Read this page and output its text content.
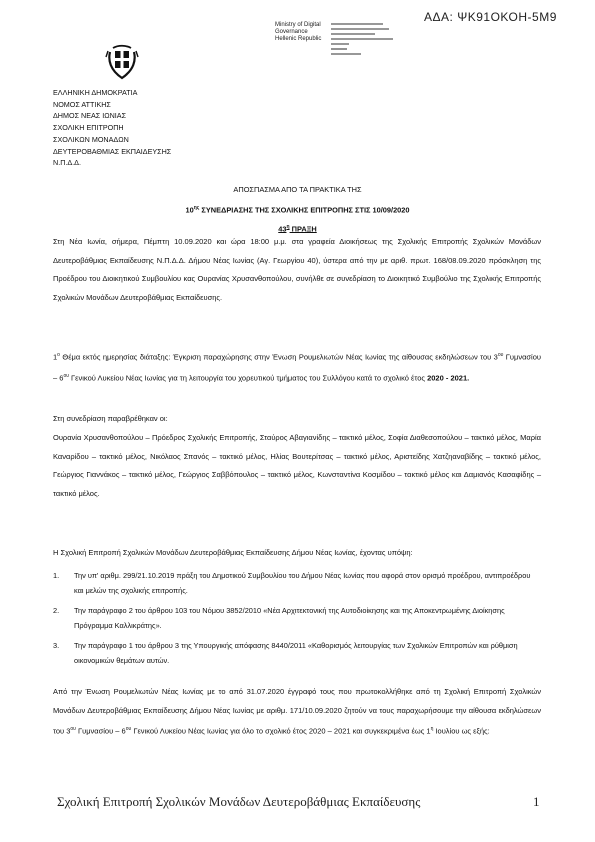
ΑΔΑ: ΨΚ91ΟΚΟΗ-5Μ9
Ministry of Digital
Governance
Hellenic Republic
ΕΛΛΗΝΙΚΗ ΔΗΜΟΚΡΑΤΙΑ
ΝΟΜΟΣ ΑΤΤΙΚΗΣ
ΔΗΜΟΣ ΝΕΑΣ ΙΩΝΙΑΣ
ΣΧΟΛΙΚΗ ΕΠΙΤΡΟΠΗ
ΣΧΟΛΙΚΩΝ ΜΟΝΑΔΩΝ
ΔΕΥΤΕΡΟΒΑΘΜΙΑΣ ΕΚΠΑΙΔΕΥΣΗΣ
Ν.Π.Δ.Δ.
ΑΠΟΣΠΑΣΜΑ ΑΠΟ ΤΑ ΠΡΑΚΤΙΚΑ ΤΗΣ
$10^{\eta\varsigma}$ ΣΥΝΕΔΡΙΑΣΗΣ ΤΗΣ ΣΧΟΛΙΚΗΣ ΕΠΙΤΡΟΠΗΣ ΣΤΙΣ 10/09/2020
$43^\eta$ ΠΡΑΞΗ
Στη Νέα Ιωνία, σήμερα, Πέμπτη 10.09.2020 και ώρα 18:00 μ.μ. στα γραφεία Διοικήσεως της Σχολικής Επιτροπής Σχολικών Μονάδων Δευτεροβάθμιας Εκπαίδευσης Ν.Π.Δ.Δ. Δήμου Νέας Ιωνίας (Αγ. Γεωργίου 40), ύστερα από την με αριθ. πρωτ. 168/08.09.2020 πρόσκληση της Προέδρου του Διοικητικού Συμβουλίου κας Ουρανίας Χρυσανθοπούλου, συνήλθε σε συνεδρίαση το Διοικητικό Συμβούλιο της Σχολικής Επιτροπής Σχολικών Μονάδων Δευτεροβάθμιας Εκπαίδευσης.
$1^o$ Θέμα εκτός ημερησίας διάταξης: Έγκριση παραχώρησης στην Ένωση Ρουμελιωτών Νέας Ιωνίας της αίθουσας εκδηλώσεων του $3^{o\upsilon}$ Γυμνασίου – $6^{o\upsilon}$ Γενικού Λυκείου Νέας Ιωνίας για τη λειτουργία του χορευτικού τμήματος του Συλλόγου κατά το σχολικό έτος 2020 - 2021.
Στη συνεδρίαση παραβρέθηκαν οι:
Ουρανία Χρυσανθοπούλου – Πρόεδρος Σχολικής Επιτροπής, Σταύρος Αβαγιανίδης – τακτικό μέλος, Σοφία Διαθεσοπούλου – τακτικό μέλος, Μαρία Καναρίδου – τακτικό μέλος, Νικόλαος Σπανός – τακτικό μέλος, Ηλίας Βουτερίτσας – τακτικό μέλος, Αριστείδης Χατζηαναβίδης – τακτικό μέλος, Γεώργιος Γιαννάκος – τακτικό μέλος, Γεώργιος Σαββόπουλος – τακτικό μέλος, Κωνσταντίνα Κοσμίδου – τακτικό μέλος και Δαμιανός Κασαφίδης – τακτικό μέλος.
Η Σχολική Επιτροπή Σχολικών Μονάδων Δευτεροβάθμιας Εκπαίδευσης Δήμου Νέας Ιωνίας, έχοντας υπόψη:
1. Την υπ' αριθμ. 299/21.10.2019 πράξη του Δημοτικού Συμβουλίου του Δήμου Νέας Ιωνίας που αφορά στον ορισμό προέδρου, αντιπροέδρου και μελών της σχολικής επιτροπής.
2. Την παράγραφο 2 του άρθρου 103 του Νόμου 3852/2010 «Νέα Αρχιτεκτονική της Αυτοδιοίκησης και της Αποκεντρωμένης Διοίκησης Πρόγραμμα Καλλικράτης».
3. Την παράγραφο 1 του άρθρου 3 της Υπουργικής απόφασης 8440/2011 «Καθορισμός λειτουργίας των Σχολικών Επιτροπών και ρύθμιση οικονομικών θεμάτων αυτών.
Από την Ένωση Ρουμελιωτών Νέας Ιωνίας με το από 31.07.2020 έγγραφό τους που πρωτοκολλήθηκε από τη Σχολική Επιτροπή Σχολικών Μονάδων Δευτεροβάθμιας Εκπαίδευσης Δήμου Νέας Ιωνίας με αριθμ. 171/10.09.2020 ζητούν να τους παραχωρήσουμε την αίθουσα εκδηλώσεων του $3^{o\upsilon}$ Γυμνασίου – $6^{o\upsilon}$ Γενικού Λυκείου Νέας Ιωνίας για όλο το σχολικό έτος 2020 – 2021 και συγκεκριμένα έως $1^\eta$ Ιουλίου ως εξής:
Σχολική Επιτροπή Σχολικών Μονάδων Δευτεροβάθμιας Εκπαίδευσης	1
